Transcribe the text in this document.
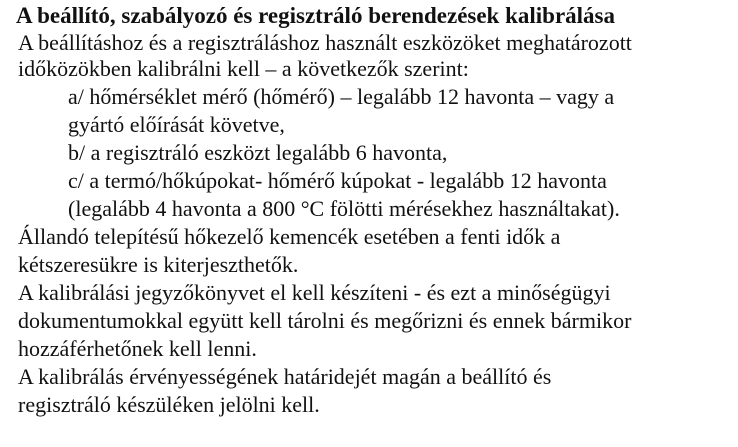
A beállító, szabályozó és regisztráló berendezések kalibrálása
A beállításhoz és a regisztráláshoz használt eszközöket meghatározott
időközökben kalibrálni kell – a következők szerint:
a/ hőmérséklet mérő (hőmérő) – legalább 12 havonta – vagy a
gyártó előírását követve,
b/ a regisztráló eszközt legalább 6 havonta,
c/ a termó/hőkúpokat- hőmérő kúpokat - legalább 12 havonta
(legalább 4 havonta a 800 °C fölötti mérésekhez használtakat).
Állandó telepítésű hőkezelő kemencék esetében a fenti idők a
kétszeresükre is kiterjeszthetők.
A kalibrálási jegyzőkönyvet el kell készíteni - és ezt a minőségügyi
dokumentumokkal együtt kell tárolni és megőrizni és ennek bármikor
hozzáférhetőnek kell lenni.
A kalibrálás érvényességének határidejét magán a beállító és
regisztráló készüléken jelölni kell.
